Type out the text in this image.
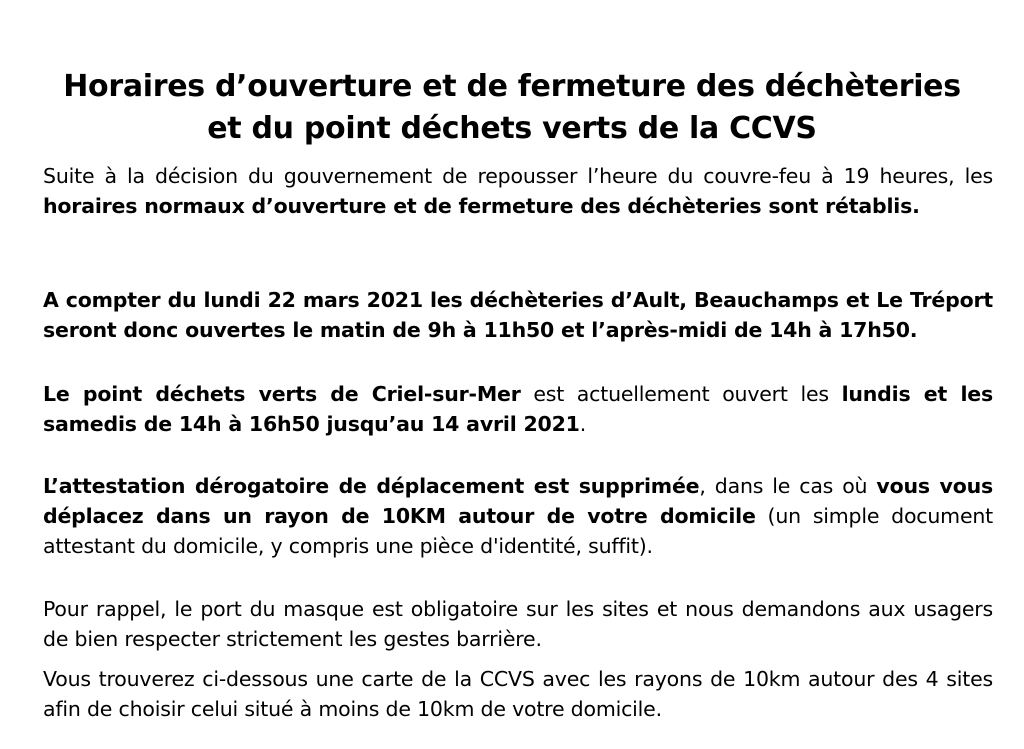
Horaires d’ouverture et de fermeture des déchèteries
et du point déchets verts de la CCVS

Suite à la décision du gouvernement de repousser l’heure du couvre-feu à 19 heures, les horaires normaux d’ouverture et de fermeture des déchèteries sont rétablis.

A compter du lundi 22 mars 2021 les déchèteries d’Ault, Beauchamps et Le Tréport seront donc ouvertes le matin de 9h à 11h50 et l’après-midi de 14h à 17h50.

Le point déchets verts de Criel-sur-Mer est actuellement ouvert les lundis et les samedis de 14h à 16h50 jusqu’au 14 avril 2021.

L’attestation dérogatoire de déplacement est supprimée, dans le cas où vous vous déplacez dans un rayon de 10KM autour de votre domicile (un simple document attestant du domicile, y compris une pièce d'identité, suffit).

Pour rappel, le port du masque est obligatoire sur les sites et nous demandons aux usagers de bien respecter strictement les gestes barrière.

Vous trouverez ci-dessous une carte de la CCVS avec les rayons de 10km autour des 4 sites afin de choisir celui situé à moins de 10km de votre domicile.
